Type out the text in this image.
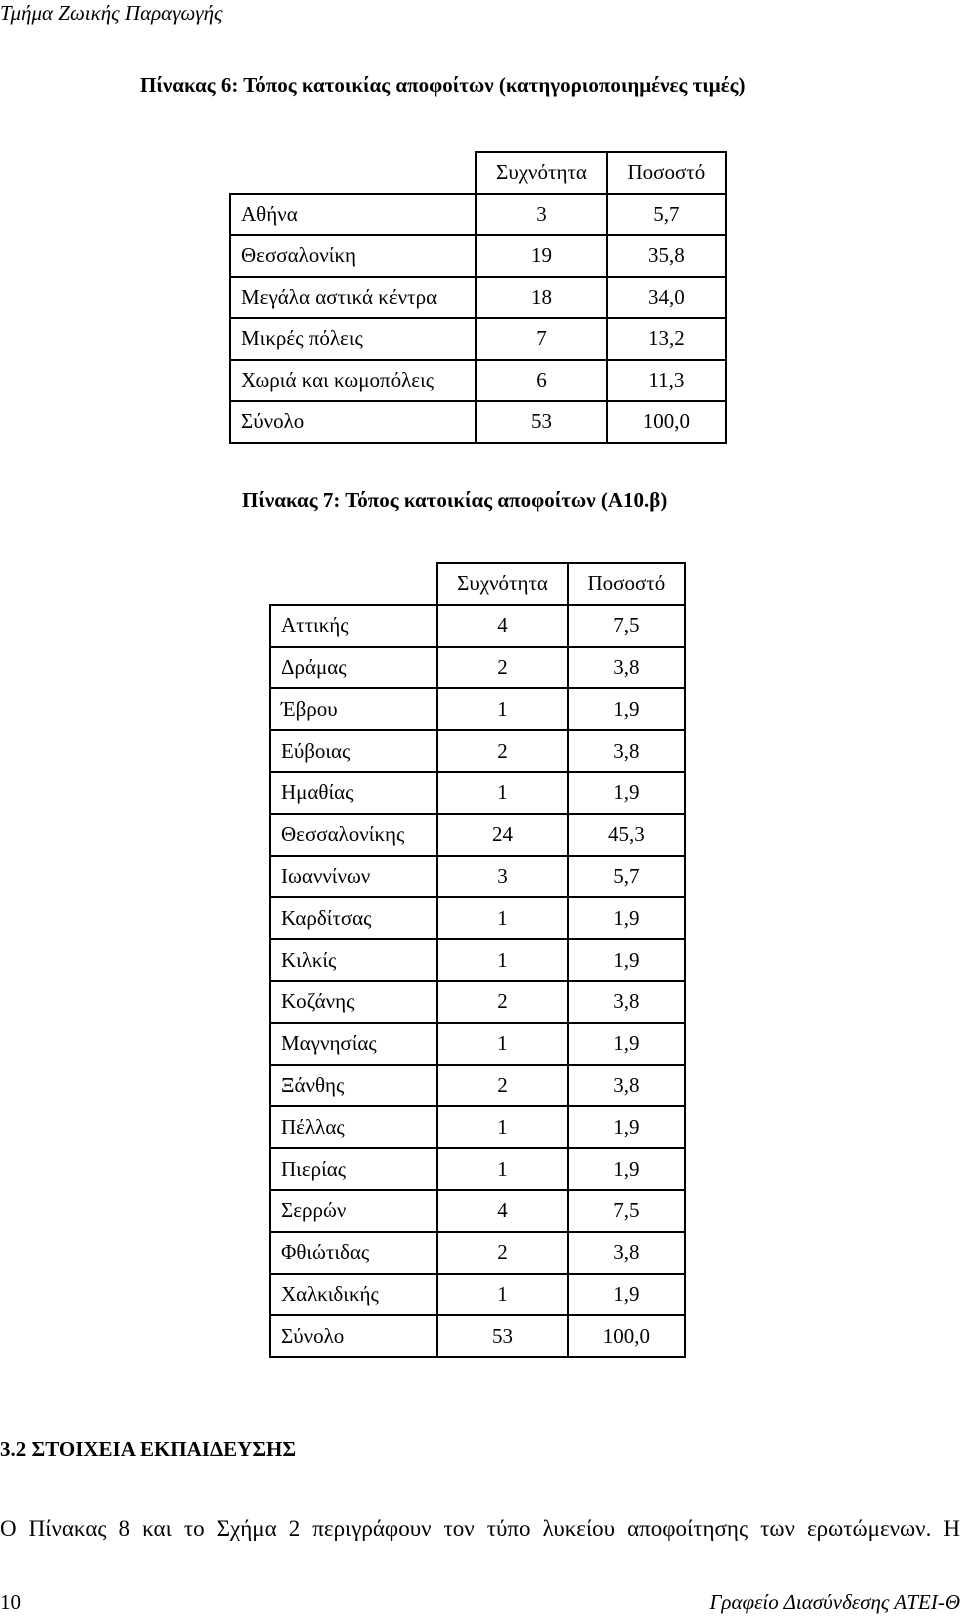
Τμήμα Ζωικής Παραγωγής
Πίνακας 6: Τόπος κατοικίας αποφοίτων (κατηγοριοποιημένες τιμές)
	Συχνότητα	Ποσοστό
Αθήνα	3	5,7
Θεσσαλονίκη	19	35,8
Μεγάλα αστικά κέντρα	18	34,0
Μικρές πόλεις	7	13,2
Χωριά και κωμοπόλεις	6	11,3
Σύνολο	53	100,0
Πίνακας 7: Τόπος κατοικίας αποφοίτων (Α10.β)
	Συχνότητα	Ποσοστό
Αττικής	4	7,5
Δράμας	2	3,8
Έβρου	1	1,9
Εύβοιας	2	3,8
Ημαθίας	1	1,9
Θεσσαλονίκης	24	45,3
Ιωαννίνων	3	5,7
Καρδίτσας	1	1,9
Κιλκίς	1	1,9
Κοζάνης	2	3,8
Μαγνησίας	1	1,9
Ξάνθης	2	3,8
Πέλλας	1	1,9
Πιερίας	1	1,9
Σερρών	4	7,5
Φθιώτιδας	2	3,8
Χαλκιδικής	1	1,9
Σύνολο	53	100,0
3.2 ΣΤΟΙΧΕΙΑ ΕΚΠΑΙΔΕΥΣΗΣ
Ο Πίνακας 8 και το Σχήμα 2 περιγράφουν τον τύπο λυκείου αποφοίτησης των ερωτώμενων. Η
10	Γραφείο Διασύνδεσης ΑΤΕΙ-Θ
